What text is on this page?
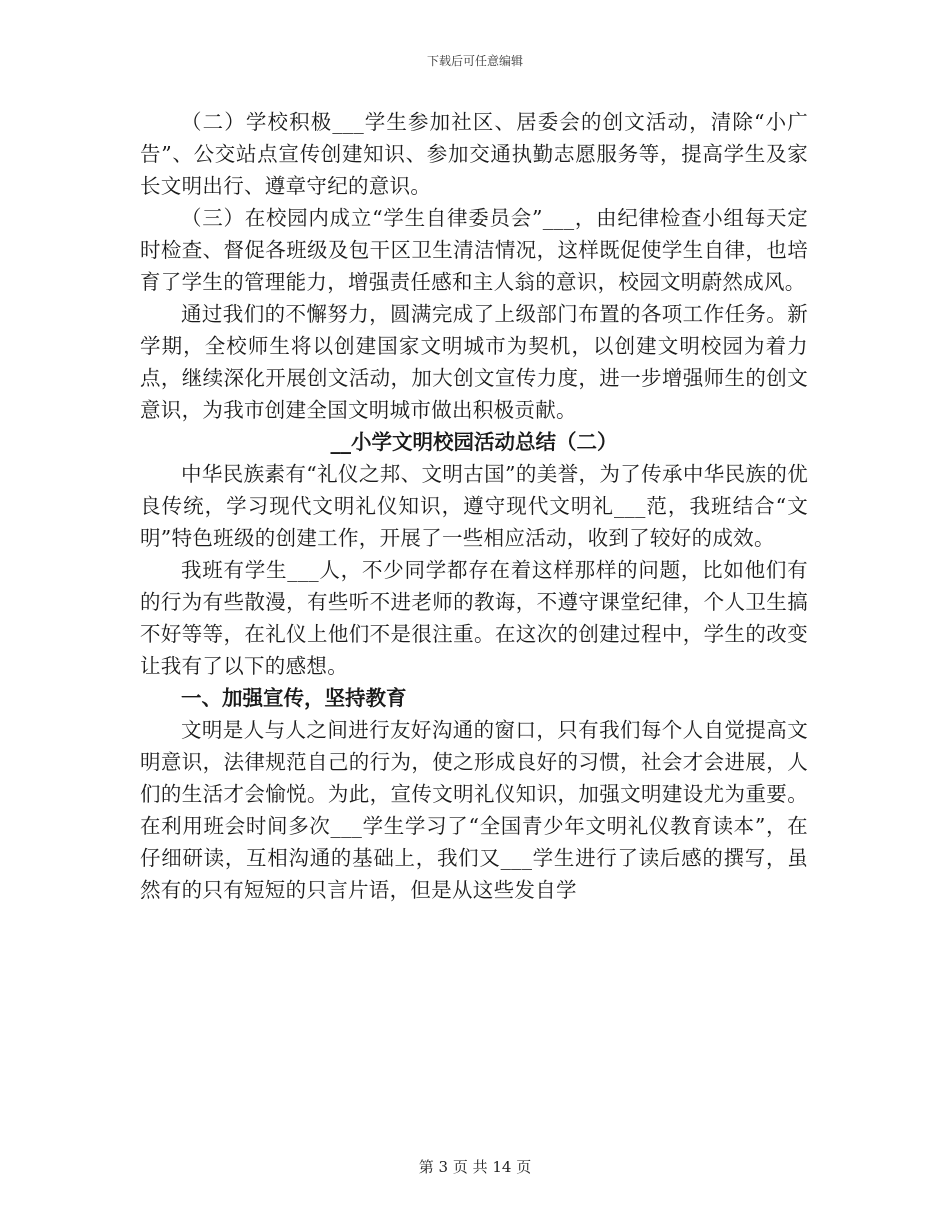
下载后可任意编辑

（二）学校积极___学生参加社区、居委会的创文活动，清除“小广告”、公交站点宣传创建知识、参加交通执勤志愿服务等，提高学生及家长文明出行、遵章守纪的意识。

（三）在校园内成立“学生自律委员会”___，由纪律检查小组每天定时检查、督促各班级及包干区卫生清洁情况，这样既促使学生自律，也培育了学生的管理能力，增强责任感和主人翁的意识，校园文明蔚然成风。

通过我们的不懈努力，圆满完成了上级部门布置的各项工作任务。新学期，全校师生将以创建国家文明城市为契机，以创建文明校园为着力点，继续深化开展创文活动，加大创文宣传力度，进一步增强师生的创文意识，为我市创建全国文明城市做出积极贡献。

__小学文明校园活动总结（二）

中华民族素有“礼仪之邦、文明古国”的美誉，为了传承中华民族的优良传统，学习现代文明礼仪知识，遵守现代文明礼___范，我班结合“文明”特色班级的创建工作，开展了一些相应活动，收到了较好的成效。

我班有学生___人，不少同学都存在着这样那样的问题，比如他们有的行为有些散漫，有些听不进老师的教诲，不遵守课堂纪律，个人卫生搞不好等等，在礼仪上他们不是很注重。在这次的创建过程中，学生的改变让我有了以下的感想。

一、加强宣传，坚持教育

文明是人与人之间进行友好沟通的窗口，只有我们每个人自觉提高文明意识，法律规范自己的行为，使之形成良好的习惯，社会才会进展，人们的生活才会愉悦。为此，宣传文明礼仪知识，加强文明建设尤为重要。在利用班会时间多次___学生学习了“全国青少年文明礼仪教育读本”，在仔细研读，互相沟通的基础上，我们又___学生进行了读后感的撰写，虽然有的只有短短的只言片语，但是从这些发自学

第 3 页 共 14 页
